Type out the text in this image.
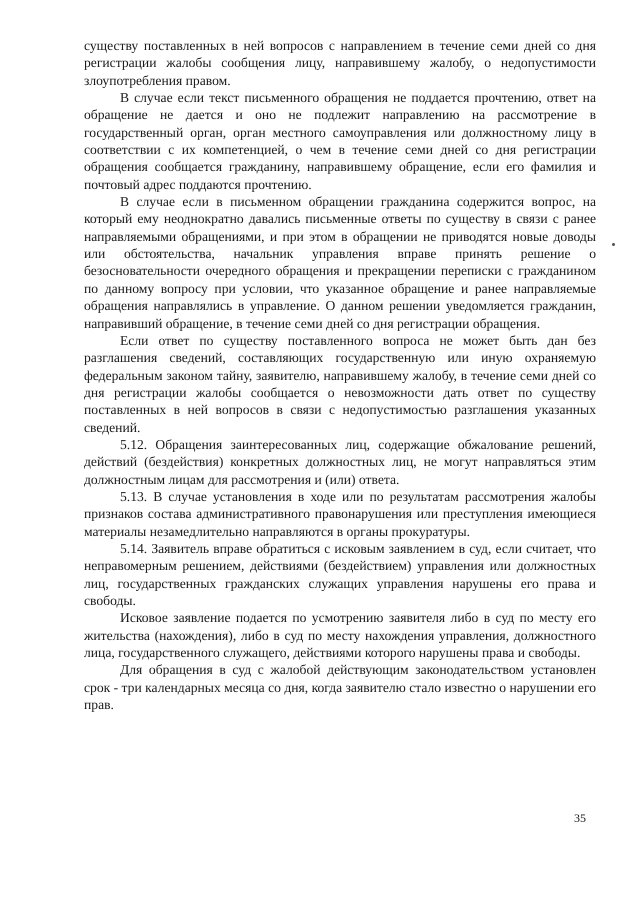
существу поставленных в ней вопросов с направлением в течение семи дней со дня регистрации жалобы сообщения лицу, направившему жалобу, о недопустимости злоупотребления правом.

В случае если текст письменного обращения не поддается прочтению, ответ на обращение не дается и оно не подлежит направлению на рассмотрение в государственный орган, орган местного самоуправления или должностному лицу в соответствии с их компетенцией, о чем в течение семи дней со дня регистрации обращения сообщается гражданину, направившему обращение, если его фамилия и почтовый адрес поддаются прочтению.

В случае если в письменном обращении гражданина содержится вопрос, на который ему неоднократно давались письменные ответы по существу в связи с ранее направляемыми обращениями, и при этом в обращении не приводятся новые доводы или обстоятельства, начальник управления вправе принять решение о безосновательности очередного обращения и прекращении переписки с гражданином по данному вопросу при условии, что указанное обращение и ранее направляемые обращения направлялись в управление. О данном решении уведомляется гражданин, направивший обращение, в течение семи дней со дня регистрации обращения.

Если ответ по существу поставленного вопроса не может быть дан без разглашения сведений, составляющих государственную или иную охраняемую федеральным законом тайну, заявителю, направившему жалобу, в течение семи дней со дня регистрации жалобы сообщается о невозможности дать ответ по существу поставленных в ней вопросов в связи с недопустимостью разглашения указанных сведений.

5.12. Обращения заинтересованных лиц, содержащие обжалование решений, действий (бездействия) конкретных должностных лиц, не могут направляться этим должностным лицам для рассмотрения и (или) ответа.

5.13. В случае установления в ходе или по результатам рассмотрения жалобы признаков состава административного правонарушения или преступления имеющиеся материалы незамедлительно направляются в органы прокуратуры.

5.14. Заявитель вправе обратиться с исковым заявлением в суд, если считает, что неправомерным решением, действиями (бездействием) управления или должностных лиц, государственных гражданских служащих управления нарушены его права и свободы.

Исковое заявление подается по усмотрению заявителя либо в суд по месту его жительства (нахождения), либо в суд по месту нахождения управления, должностного лица, государственного служащего, действиями которого нарушены права и свободы.

Для обращения в суд с жалобой действующим законодательством установлен срок - три календарных месяца со дня, когда заявителю стало известно о нарушении его прав.

35
